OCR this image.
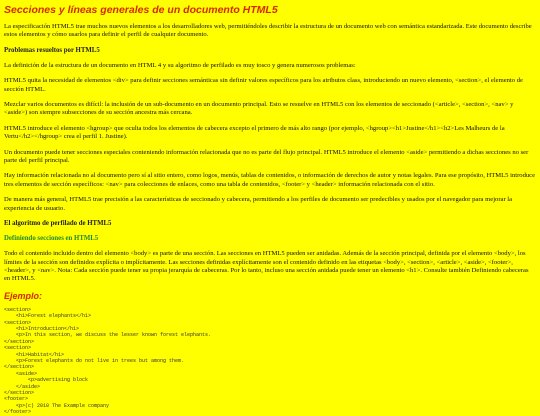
Secciones y líneas generales de un documento HTML5

La especificación HTML5 trae muchos nuevos elementos a los desarrolladores web, permitiéndoles describir la estructura de un documento web con semántica estandarizada. Este documento describe estos elementos y cómo usarlos para definir el perfil de cualquier documento.

Problemas resueltos por HTML5

La definición de la estructura de un documento en HTML 4 y su algoritmo de perfilado es muy tosco y genera numerosos problemas:

HTML5 quita la necesidad de elementos <div> para definir secciones semánticas sin definir valores específicos para los atributos class, introduciendo un nuevo elemento, <section>, el elemento de sección HTML.

Mezclar varios documentos es difícil: la inclusión de un sub-documento en un documento principal. Esto se resuelve en HTML5 con los elementos de seccionado (<article>, <section>, <nav> y <aside>) son siempre subsecciones de su sección ancestra más cercana.

HTML5 introduce el elemento <hgroup> que oculta todos los elementos de cabecera excepto el primero de más alto rango (por ejemplo, <hgroup><h1>Justine</h1><h2>Les Malheurs de la Vertu</h2></hgroup> crea el perfil 1. Justine).

Un documento puede tener secciones especiales conteniendo información relacionada que no es parte del flujo principal. HTML5 introduce el elemento <aside> permitiendo a dichas secciones no ser parte del perfil principal.

Hay información relacionada no al documento pero sí al sitio entero, como logos, menús, tablas de contenidos, o información de derechos de autor y notas legales. Para ese propósito, HTML5 introduce tres elementos de sección específicos: <nav> para colecciones de enlaces, como una tabla de contenidos, <footer> y <header> información relacionada con el sitio.

De manera más general, HTML5 trae precisión a las características de seccionado y cabecera, permitiendo a los perfiles de documento ser predecibles y usados por el navegador para mejorar la experiencia de usuario.

El algoritmo de perfilado de HTML5
Definiendo secciones en HTML5

Todo el contenido incluido dentro del elemento <body> es parte de una sección. Las secciones en HTML5 pueden ser anidadas. Además de la sección principal, definida por el elemento <body>, los límites de la sección son definidos explícita o implícitamente. Las secciones definidas explícitamente son el contenido definido en las etiquetas <body>, <section>, <article>, <aside>, <footer>, <header>, y <nav>. Nota: Cada sección puede tener su propia jerarquía de cabeceras. Por lo tanto, incluso una sección anidada puede tener un elemento <h1>. Consulte también Definiendo cabeceras en HTML5.

Ejemplo:
<section>
<h1>Forest elephants</h1>
<section>
<h1>Introduction</h1>
<p>In this section, we discuss the lesser known forest elephants.
</section>
<section>
<h1>Habitat</h1>
<p>Forest elephants do not live in trees but among them.
</section>
<aside>
<p>advertising block
</aside>
</section>
<footer>
<p>(c) 2010 The Example company
</footer>
